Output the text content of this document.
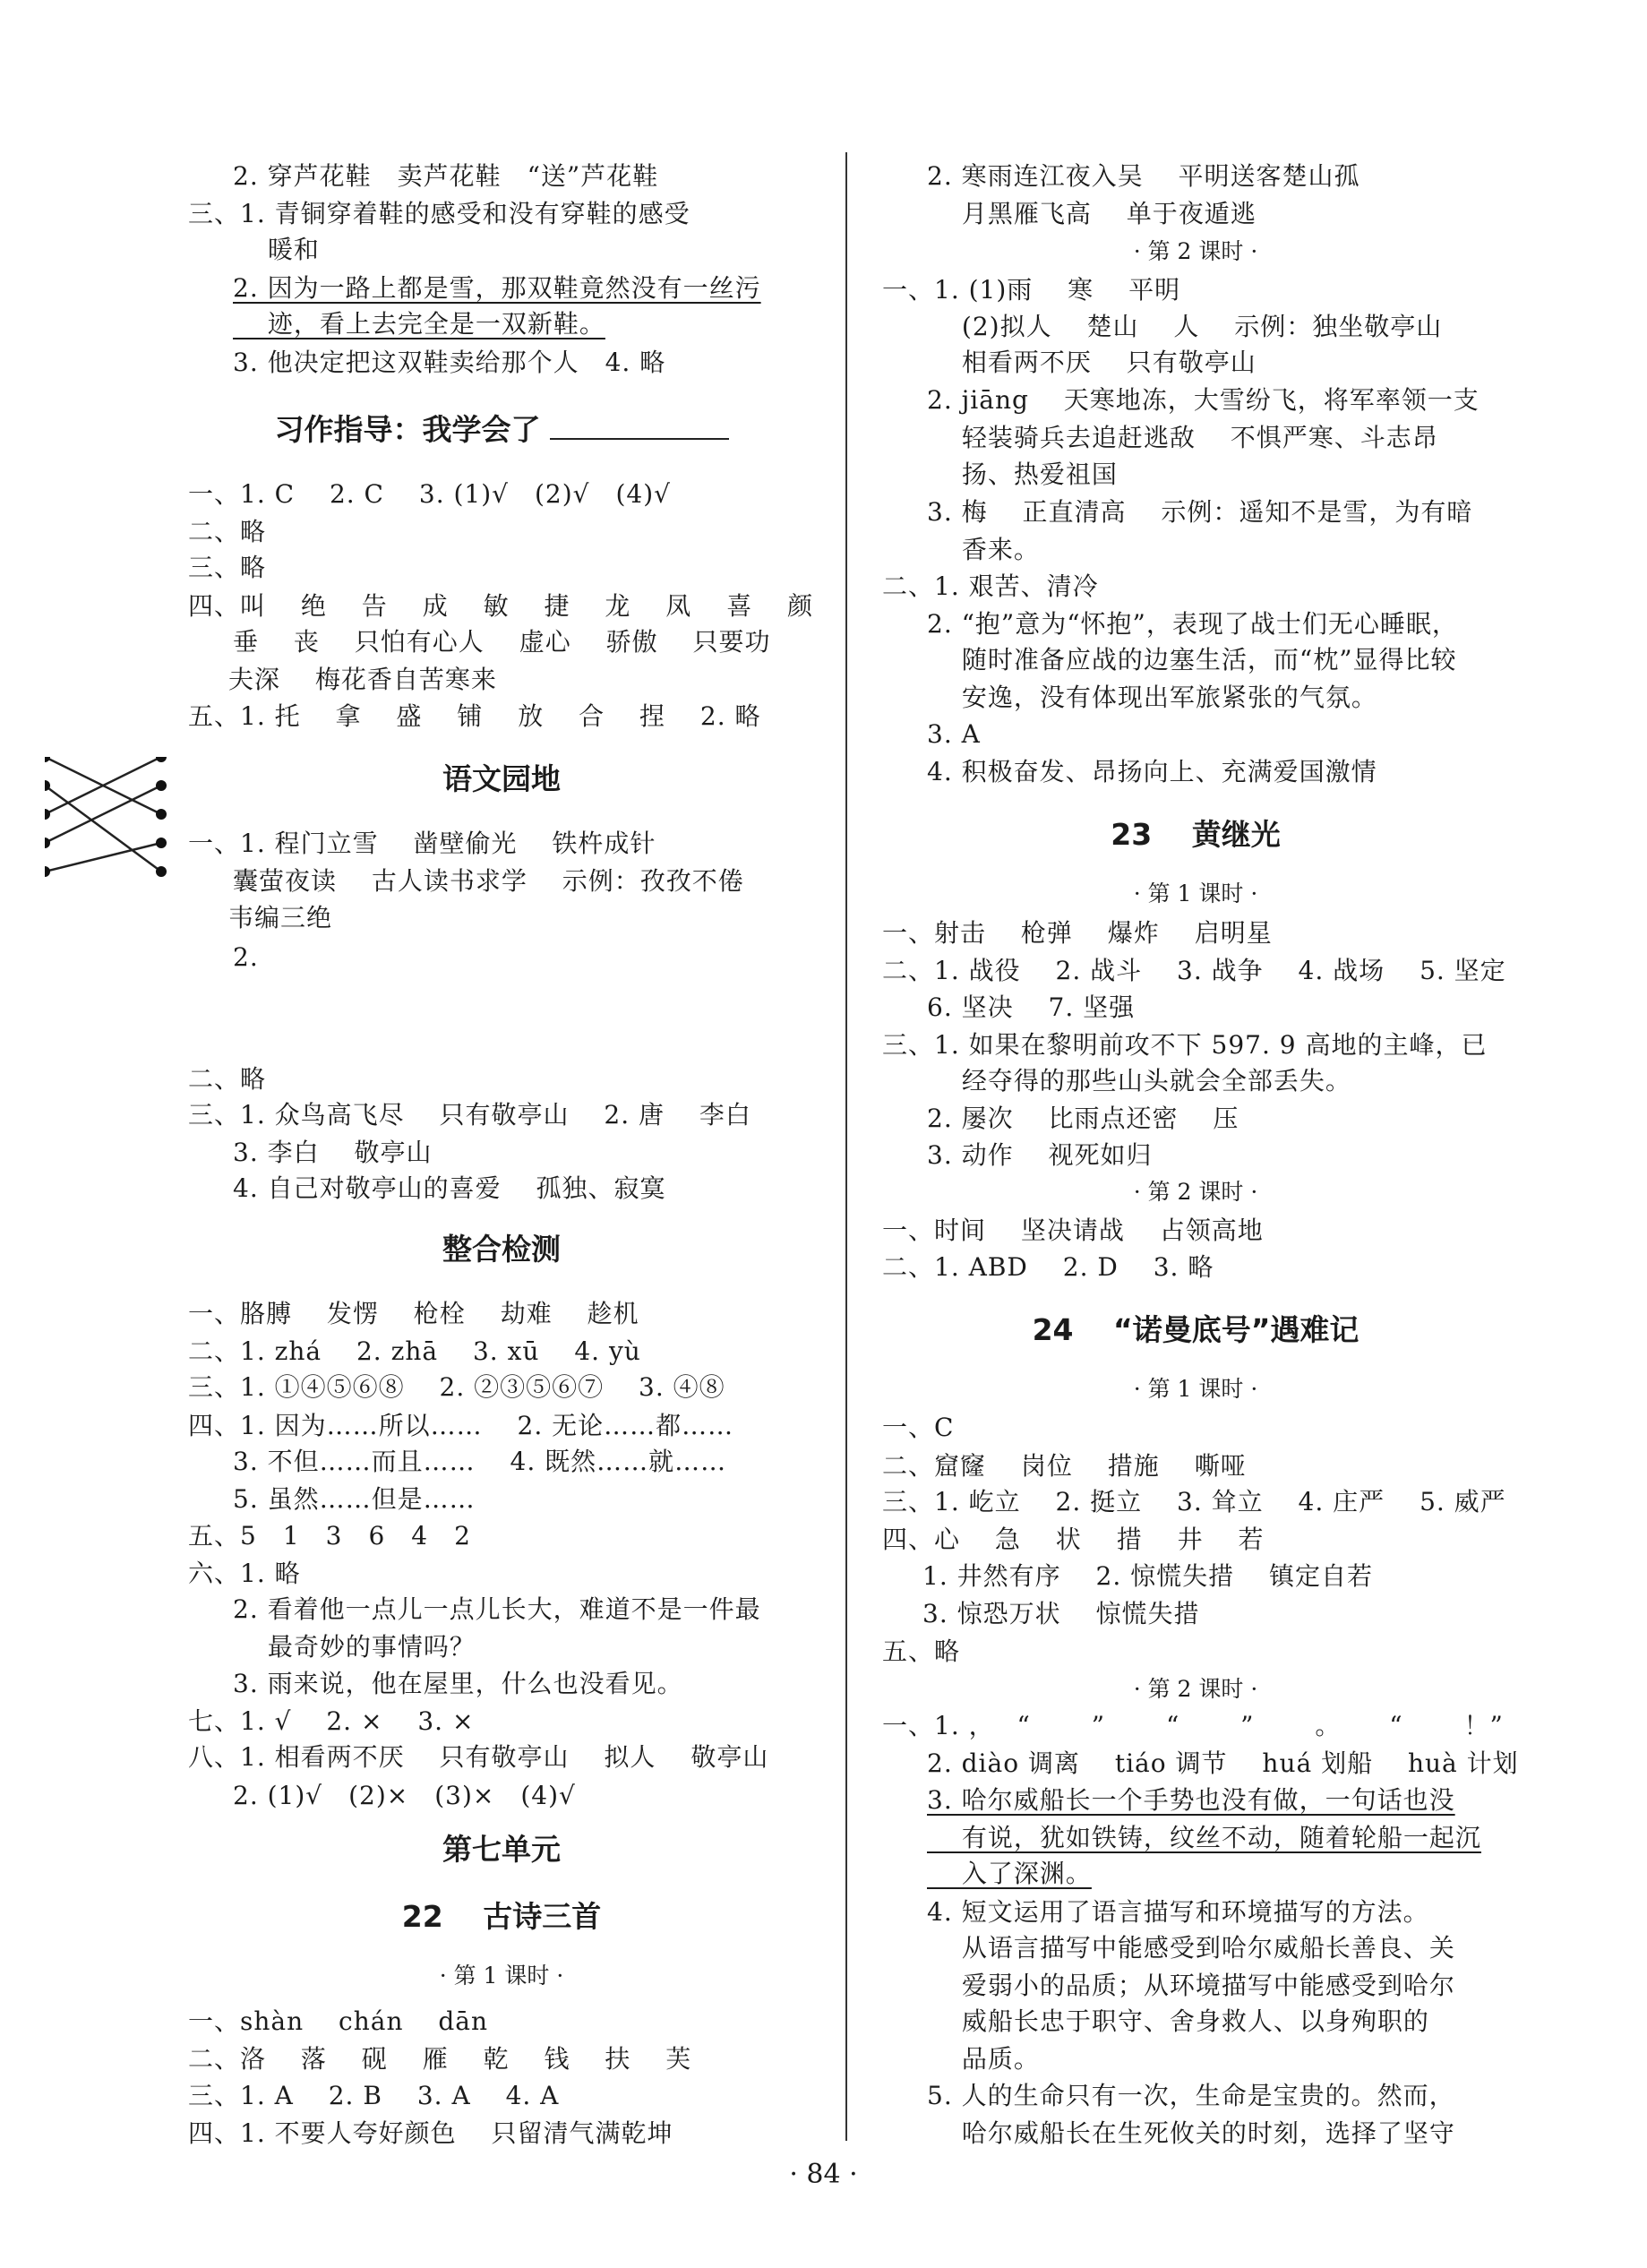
2. 穿芦花鞋　卖芦花鞋　“送”芦花鞋
三、1. 青铜穿着鞋的感受和没有穿鞋的感受
　 暖和
2. 因为一路上都是雪，那双鞋竟然没有一丝污
　 迹，看上去完全是一双新鞋。
3. 他决定把这双鞋卖给那个人　4. 略
习作指导：我学会了
一、1. C　 2. C　 3. (1)√　(2)√　(4)√
二、略
三、略
四、叫　 绝　 告　 成　 敏　 捷　 龙　 凤　 喜　 颜
垂　 丧　 只怕有心人　 虚心　 骄傲　 只要功
夫深　 梅花香自苦寒来
五、1. 托　 拿　 盛　 铺　 放　 合　 捏　 2. 略
语文园地
一、1. 程门立雪　 凿壁偷光　 铁杵成针
囊萤夜读　 古人读书求学　 示例：孜孜不倦
韦编三绝
2.
二、略
三、1. 众鸟高飞尽　 只有敬亭山　 2. 唐　 李白
3. 李白　 敬亭山
4. 自己对敬亭山的喜爱　 孤独、寂寞
整合检测
一、胳膊　 发愣　 枪栓　 劫难　 趁机
二、1. zhá　 2. zhā　 3. xū　 4. yù
三、1. ①④⑤⑥⑧　 2. ②③⑤⑥⑦　 3. ④⑧
四、1. 因为……所以……　 2. 无论……都……
3. 不但……而且……　 4. 既然……就……
5. 虽然……但是……
五、5　1　3　6　4　2
六、1. 略
2. 看着他一点儿一点儿长大，难道不是一件最
　 最奇妙的事情吗？
3. 雨来说，他在屋里，什么也没看见。
七、1. √　 2. ×　 3. ×
八、1. 相看两不厌　 只有敬亭山　 拟人　 敬亭山
2. (1)√　(2)×　(3)×　(4)√
第七单元
22　 古诗三首
· 第 1 课时 ·
一、shàn　 chán　 dān
二、洛　 落　 砚　 雁　 乾　 钱　 扶　 芙
三、1. A　 2. B　 3. A　 4. A
四、1. 不要人夸好颜色　 只留清气满乾坤
2. 寒雨连江夜入吴　 平明送客楚山孤
　 月黑雁飞高　 单于夜遁逃
· 第 2 课时 ·
一、1. (1)雨　 寒　 平明
　 (2)拟人　 楚山　 人　 示例：独坐敬亭山
　 相看两不厌　 只有敬亭山
2. jiāng　 天寒地冻，大雪纷飞，将军率领一支
　 轻装骑兵去追赶逃敌　 不惧严寒、斗志昂
　 扬、热爱祖国
3. 梅　 正直清高　 示例：遥知不是雪，为有暗
　 香来。
二、1. 艰苦、清冷
2. “抱”意为“怀抱”，表现了战士们无心睡眠，
　 随时准备应战的边塞生活，而“枕”显得比较
　 安逸，没有体现出军旅紧张的气氛。
3. A
4. 积极奋发、昂扬向上、充满爱国激情
23　 黄继光
· 第 1 课时 ·
一、射击　 枪弹　 爆炸　 启明星
二、1. 战役　 2. 战斗　 3. 战争　 4. 战场　 5. 坚定
6. 坚决　 7. 坚强
三、1. 如果在黎明前攻不下 597. 9 高地的主峰，已
　 经夺得的那些山头就会全部丢失。
2. 屡次　 比雨点还密　 压
3. 动作　 视死如归
· 第 2 课时 ·
一、时间　 坚决请战　 占领高地
二、1. ABD　 2. D　 3. 略
24　 “诺曼底号”遇难记
· 第 1 课时 ·
一、C
二、窟窿　 岗位　 措施　 嘶哑
三、1. 屹立　 2. 挺立　 3. 耸立　 4. 庄严　 5. 威严
四、心　 急　 状　 措　 井　 若
1. 井然有序　 2. 惊慌失措　 镇定自若
3. 惊恐万状　 惊慌失措
五、略
· 第 2 课时 ·
一、1. ，　 “　　 ”　　 “　　 ”　　 。　　 “　　 ！”
2. diào 调离　 tiáo 调节　 huá 划船　 huà 计划
3. 哈尔威船长一个手势也没有做，一句话也没
　 有说，犹如铁铸，纹丝不动，随着轮船一起沉
　 入了深渊。
4. 短文运用了语言描写和环境描写的方法。
　 从语言描写中能感受到哈尔威船长善良、关
　 爱弱小的品质；从环境描写中能感受到哈尔
　 威船长忠于职守、舍身救人、以身殉职的
　 品质。
5. 人的生命只有一次，生命是宝贵的。然而，
　 哈尔威船长在生死攸关的时刻，选择了坚守
· 84 ·
